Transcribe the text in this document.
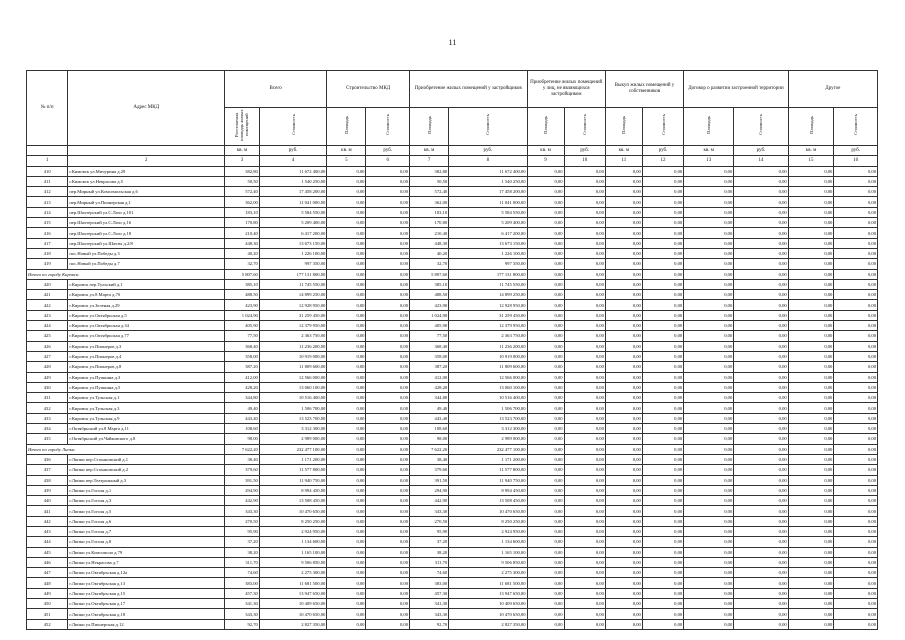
11
№ п/п	Адрес МКД	Всего		Строительство МКД		Приобретение жилых помещений у застройщиков		Приобретение жилых помещений у лиц, не являющихся застройщиком		Выкуп жилых помещений у собственников		Договор о развитии застроенной территории		Другое	
		Расселяемая площадь жилых помещений	Стоимость	Площадь	Стоимость	Площадь	Стоимость	Площадь	Стоимость	Площадь	Стоимость	Площадь	Стоимость	Площадь	Стоимость
		кв. м	руб.	кв. м	руб.	кв. м	руб.	кв. м	руб.	кв. м	руб.	кв. м	руб.	кв. м	руб.
1	2	3	4	5	6	7	8	9	10	11	12	13	14	15	16
410	г.Кимовск ул.Мичурина д.29	382,80	11 672 400,00	0,00	0,00	382,80	11 672 400,00	0,00	0,00	0,00	0,00	0,00	0,00	0,00	0,00
411	г.Кимовск ул.Некрасова д.5	50,50	1 540 250,00	0,00	0,00	50,50	1 540 250,00	0,00	0,00	0,00	0,00	0,00	0,00	0,00	0,00
412	пер.Мирный ул.Комсомольская д.6	572,40	17 458 200,00	0,00	0,00	572,40	17 458 200,00	0,00	0,00	0,00	0,00	0,00	0,00	0,00	0,00
413	пер.Мирный ул.Пионерская д.1	362,00	11 041 000,00	0,00	0,00	362,00	11 041 000,00	0,00	0,00	0,00	0,00	0,00	0,00	0,00	0,00
414	пер.Шахтерский ул.С.Лазо д.101	183,10	5 584 550,00	0,00	0,00	183,10	5 584 550,00	0,00	0,00	0,00	0,00	0,00	0,00	0,00	0,00
415	пер.Шахтерский ул.С.Лазо д.16	170,80	5 209 400,00	0,00	0,00	170,80	5 209 400,00	0,00	0,00	0,00	0,00	0,00	0,00	0,00	0,00
416	пер.Шахтерский ул.С.Лазо д.18	210,40	6 417 200,00	0,00	0,00	210,40	6 417 200,00	0,00	0,00	0,00	0,00	0,00	0,00	0,00	0,00
417	пер.Шахтерский ул.Шахты д.2/8	448,30	13 673 150,00	0,00	0,00	448,30	13 673 150,00	0,00	0,00	0,00	0,00	0,00	0,00	0,00	0,00
418	пос.Новый ул.Победы д.3	40,20	1 226 100,00	0,00	0,00	40,20	1 226 100,00	0,00	0,00	0,00	0,00	0,00	0,00	0,00	0,00
419	пос.Новый ул.Победы д.7	32,70	997 350,00	0,00	0,00	32,70	997 350,00	0,00	0,00	0,00	0,00	0,00	0,00	0,00	0,00
Итого по городу Кировск:		5 807,60	177 131 800,00	0,00	0,00	5 807,60	177 131 800,00	0,00	0,00	0,00	0,00	0,00	0,00	0,00	0,00
420	г.Кировск пер.Тульский д.1	385,10	11 745 550,00	0,00	0,00	385,10	11 745 550,00	0,00	0,00	0,00	0,00	0,00	0,00	0,00	0,00
421	г.Кировск ул.8 Марта д.7б	488,50	14 899 250,00	0,00	0,00	488,50	14 899 250,00	0,00	0,00	0,00	0,00	0,00	0,00	0,00	0,00
422	г.Кировск ул.Зеленая д.29	423,90	12 928 950,00	0,00	0,00	423,90	12 928 950,00	0,00	0,00	0,00	0,00	0,00	0,00	0,00	0,00
423	г.Кировск ул.Октябрьская д.5	1 024,90	31 259 450,00	0,00	0,00	1 024,90	31 259 450,00	0,00	0,00	0,00	0,00	0,00	0,00	0,00	0,00
424	г.Кировск ул.Октябрьская д.34	405,90	12 379 950,00	0,00	0,00	405,90	12 379 950,00	0,00	0,00	0,00	0,00	0,00	0,00	0,00	0,00
425	г.Кировск ул.Октябрьская д.77	77,50	2 363 750,00	0,00	0,00	77,50	2 363 750,00	0,00	0,00	0,00	0,00	0,00	0,00	0,00	0,00
426	г.Кировск ул.Пионеров д.3	368,40	11 236 200,00	0,00	0,00	368,40	11 236 200,00	0,00	0,00	0,00	0,00	0,00	0,00	0,00	0,00
427	г.Кировск ул.Пионеров д.4	358,00	10 919 000,00	0,00	0,00	358,00	10 919 000,00	0,00	0,00	0,00	0,00	0,00	0,00	0,00	0,00
428	г.Кировск ул.Пионеров д.8	387,20	11 809 600,00	0,00	0,00	387,20	11 809 600,00	0,00	0,00	0,00	0,00	0,00	0,00	0,00	0,00
429	г.Кировск ул.Пушкина д.3	412,00	12 566 000,00	0,00	0,00	412,00	12 566 000,00	0,00	0,00	0,00	0,00	0,00	0,00	0,00	0,00
430	г.Кировск ул.Пушкина д.5	428,20	13 060 100,00	0,00	0,00	428,20	13 060 100,00	0,00	0,00	0,00	0,00	0,00	0,00	0,00	0,00
431	г.Кировск ул.Тульская д.1	344,80	10 516 400,00	0,00	0,00	344,80	10 516 400,00	0,00	0,00	0,00	0,00	0,00	0,00	0,00	0,00
432	г.Кировск ул.Тульская д.3	49,40	1 506 700,00	0,00	0,00	49,40	1 506 700,00	0,00	0,00	0,00	0,00	0,00	0,00	0,00	0,00
433	г.Кировск ул.Тульская д.9	443,40	13 523 700,00	0,00	0,00	443,40	13 523 700,00	0,00	0,00	0,00	0,00	0,00	0,00	0,00	0,00
434	г.Октябрьский ул.8 Марта д.11	108,60	3 312 300,00	0,00	0,00	108,60	3 312 300,00	0,00	0,00	0,00	0,00	0,00	0,00	0,00	0,00
435	г.Октябрьский ул.Чайковского д.8	98,00	2 989 000,00	0,00	0,00	98,00	2 989 000,00	0,00	0,00	0,00	0,00	0,00	0,00	0,00	0,00
Итого по городу Липки:		7 622,20	232 477 100,00	0,00	0,00	7 622,20	232 477 100,00	0,00	0,00	0,00	0,00	0,00	0,00	0,00	0,00
436	г.Липки пер.Стахановский д.1	38,40	1 171 200,00	0,00	0,00	38,40	1 171 200,00	0,00	0,00	0,00	0,00	0,00	0,00	0,00	0,00
437	г.Липки пер.Стахановский д.2	379,60	11 577 800,00	0,00	0,00	379,60	11 577 800,00	0,00	0,00	0,00	0,00	0,00	0,00	0,00	0,00
438	г.Липки пер.Театральный д.3	391,50	11 940 750,00	0,00	0,00	391,50	11 940 750,00	0,00	0,00	0,00	0,00	0,00	0,00	0,00	0,00
439	г.Липки ул.Гоголя д.1	294,90	8 994 450,00	0,00	0,00	294,90	8 994 450,00	0,00	0,00	0,00	0,00	0,00	0,00	0,00	0,00
440	г.Липки ул.Гоголя д.3	442,90	13 508 450,00	0,00	0,00	442,90	13 508 450,00	0,00	0,00	0,00	0,00	0,00	0,00	0,00	0,00
441	г.Липки ул.Гоголя д.5	343,30	10 470 650,00	0,00	0,00	343,30	10 470 650,00	0,00	0,00	0,00	0,00	0,00	0,00	0,00	0,00
442	г.Липки ул.Гоголя д.6	270,50	8 250 250,00	0,00	0,00	270,50	8 250 250,00	0,00	0,00	0,00	0,00	0,00	0,00	0,00	0,00
443	г.Липки ул.Гоголя д.7	95,90	2 924 950,00	0,00	0,00	95,90	2 924 950,00	0,00	0,00	0,00	0,00	0,00	0,00	0,00	0,00
444	г.Липки ул.Гоголя д.8	37,20	1 134 600,00	0,00	0,00	37,20	1 134 600,00	0,00	0,00	0,00	0,00	0,00	0,00	0,00	0,00
445	г.Липки ул.Комсомола д.79	38,20	1 165 100,00	0,00	0,00	38,20	1 165 100,00	0,00	0,00	0,00	0,00	0,00	0,00	0,00	0,00
446	г.Липки ул.Некрасова д.7	311,70	9 506 850,00	0,00	0,00	311,70	9 506 850,00	0,00	0,00	0,00	0,00	0,00	0,00	0,00	0,00
447	г.Липки ул.Октябрьская д.12а	74,60	2 275 300,00	0,00	0,00	74,60	2 275 300,00	0,00	0,00	0,00	0,00	0,00	0,00	0,00	0,00
448	г.Липки ул.Октябрьская д.13	383,00	11 681 500,00	0,00	0,00	383,00	11 681 500,00	0,00	0,00	0,00	0,00	0,00	0,00	0,00	0,00
449	г.Липки ул.Октябрьская д.15	457,30	13 947 650,00	0,00	0,00	457,30	13 947 650,00	0,00	0,00	0,00	0,00	0,00	0,00	0,00	0,00
450	г.Липки ул.Октябрьская д.17	341,30	10 409 650,00	0,00	0,00	341,30	10 409 650,00	0,00	0,00	0,00	0,00	0,00	0,00	0,00	0,00
451	г.Липки ул.Октябрьская д.18	343,30	10 470 650,00	0,00	0,00	343,30	10 470 650,00	0,00	0,00	0,00	0,00	0,00	0,00	0,00	0,00
452	г.Липки ул.Пионерская д.12	92,70	2 827 350,00	0,00	0,00	92,70	2 827 350,00	0,00	0,00	0,00	0,00	0,00	0,00	0,00	0,00
